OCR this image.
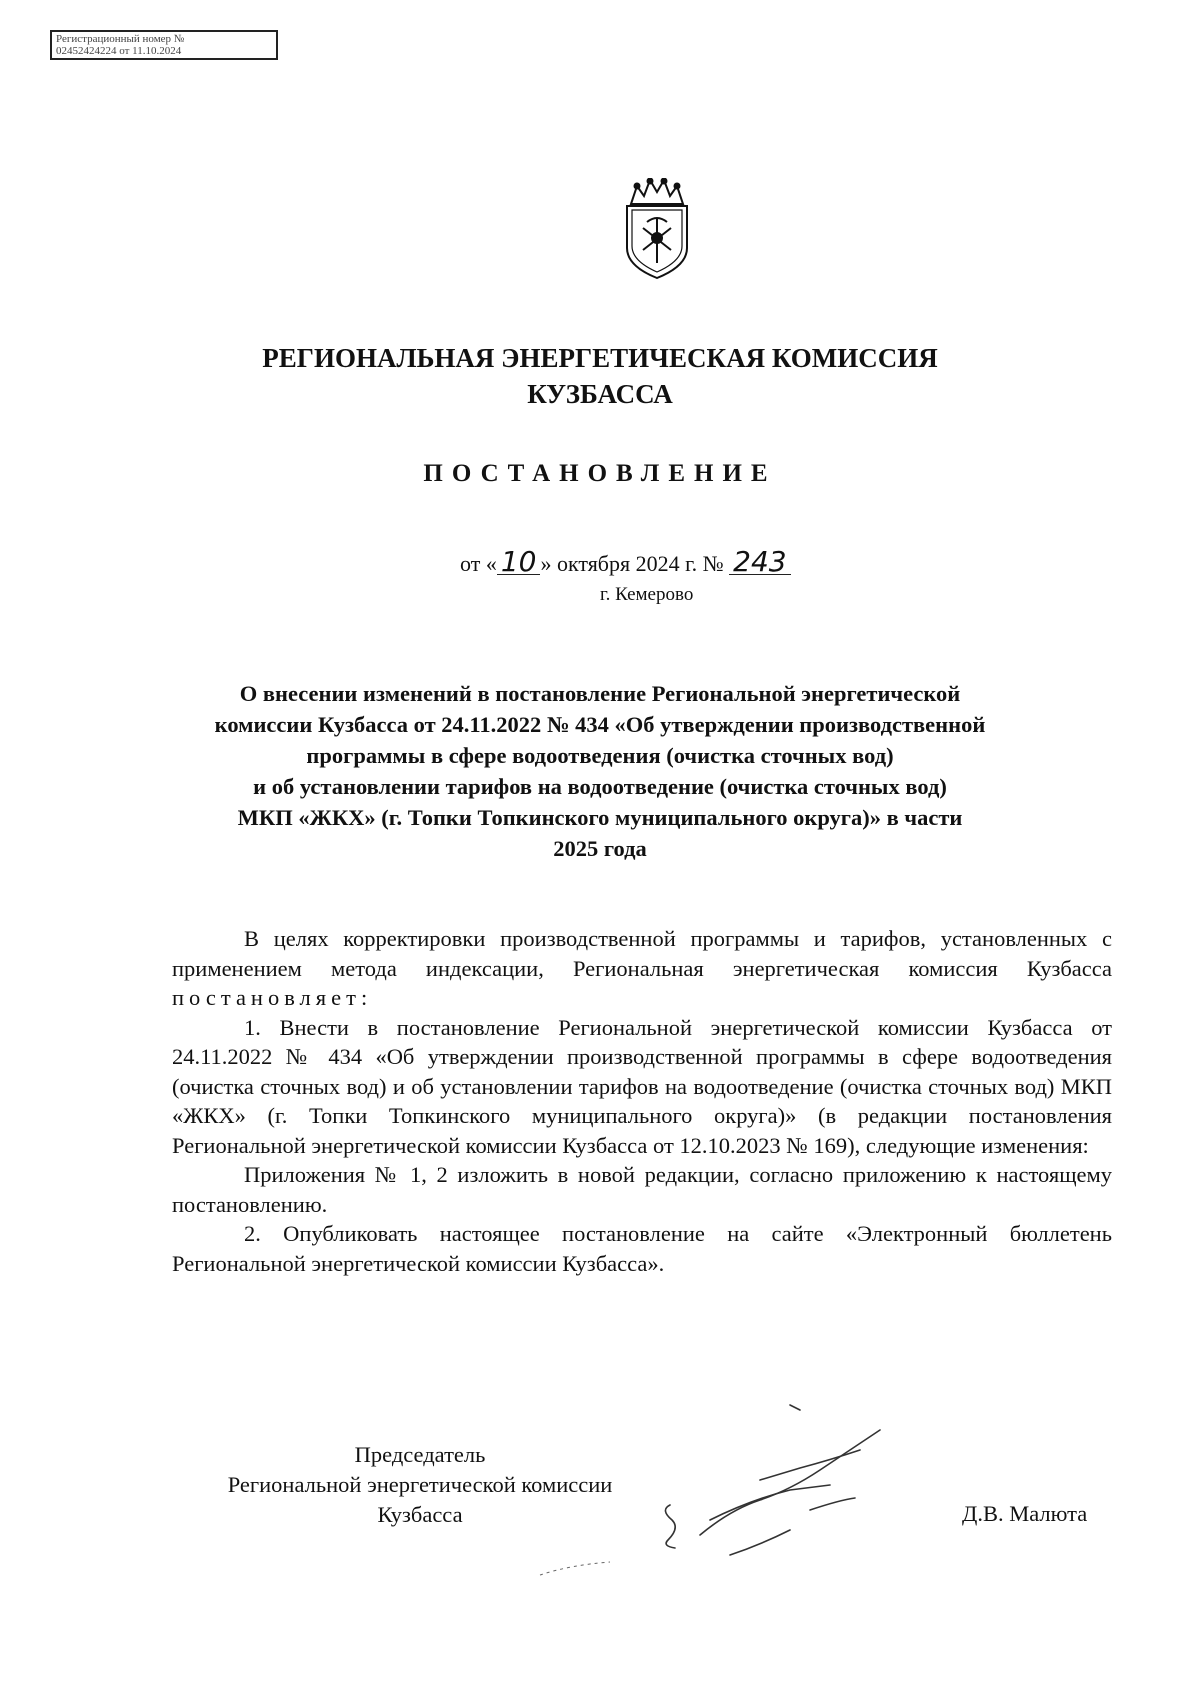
Регистрационный номер №
02452424224 от 11.10.2024
РЕГИОНАЛЬНАЯ ЭНЕРГЕТИЧЕСКАЯ КОМИССИЯ
КУЗБАССА
ПОСТАНОВЛЕНИЕ
от « 10 » октября 2024 г. № 243
г. Кемерово
О внесении изменений в постановление Региональной энергетической
комиссии Кузбасса от 24.11.2022 № 434 «Об утверждении производственной
программы в сфере водоотведения (очистка сточных вод)
и об установлении тарифов на водоотведение (очистка сточных вод)
МКП «ЖКХ» (г. Топки Топкинского муниципального округа)» в части
2025 года

В целях корректировки производственной программы и тарифов, установленных с применением метода индексации, Региональная энергетическая комиссия Кузбасса постановляет:

1. Внести в постановление Региональной энергетической комиссии Кузбасса от 24.11.2022 № 434 «Об утверждении производственной программы в сфере водоотведения (очистка сточных вод) и об установлении тарифов на водоотведение (очистка сточных вод) МКП «ЖКХ» (г. Топки Топкинского муниципального округа)» (в редакции постановления Региональной энергетической комиссии Кузбасса от 12.10.2023 № 169), следующие изменения:

Приложения № 1, 2 изложить в новой редакции, согласно приложению к настоящему постановлению.

2. Опубликовать настоящее постановление на сайте «Электронный бюллетень Региональной энергетической комиссии Кузбасса».

Председатель
Региональной энергетической комиссии
Кузбасса	Д.В. Малюта
